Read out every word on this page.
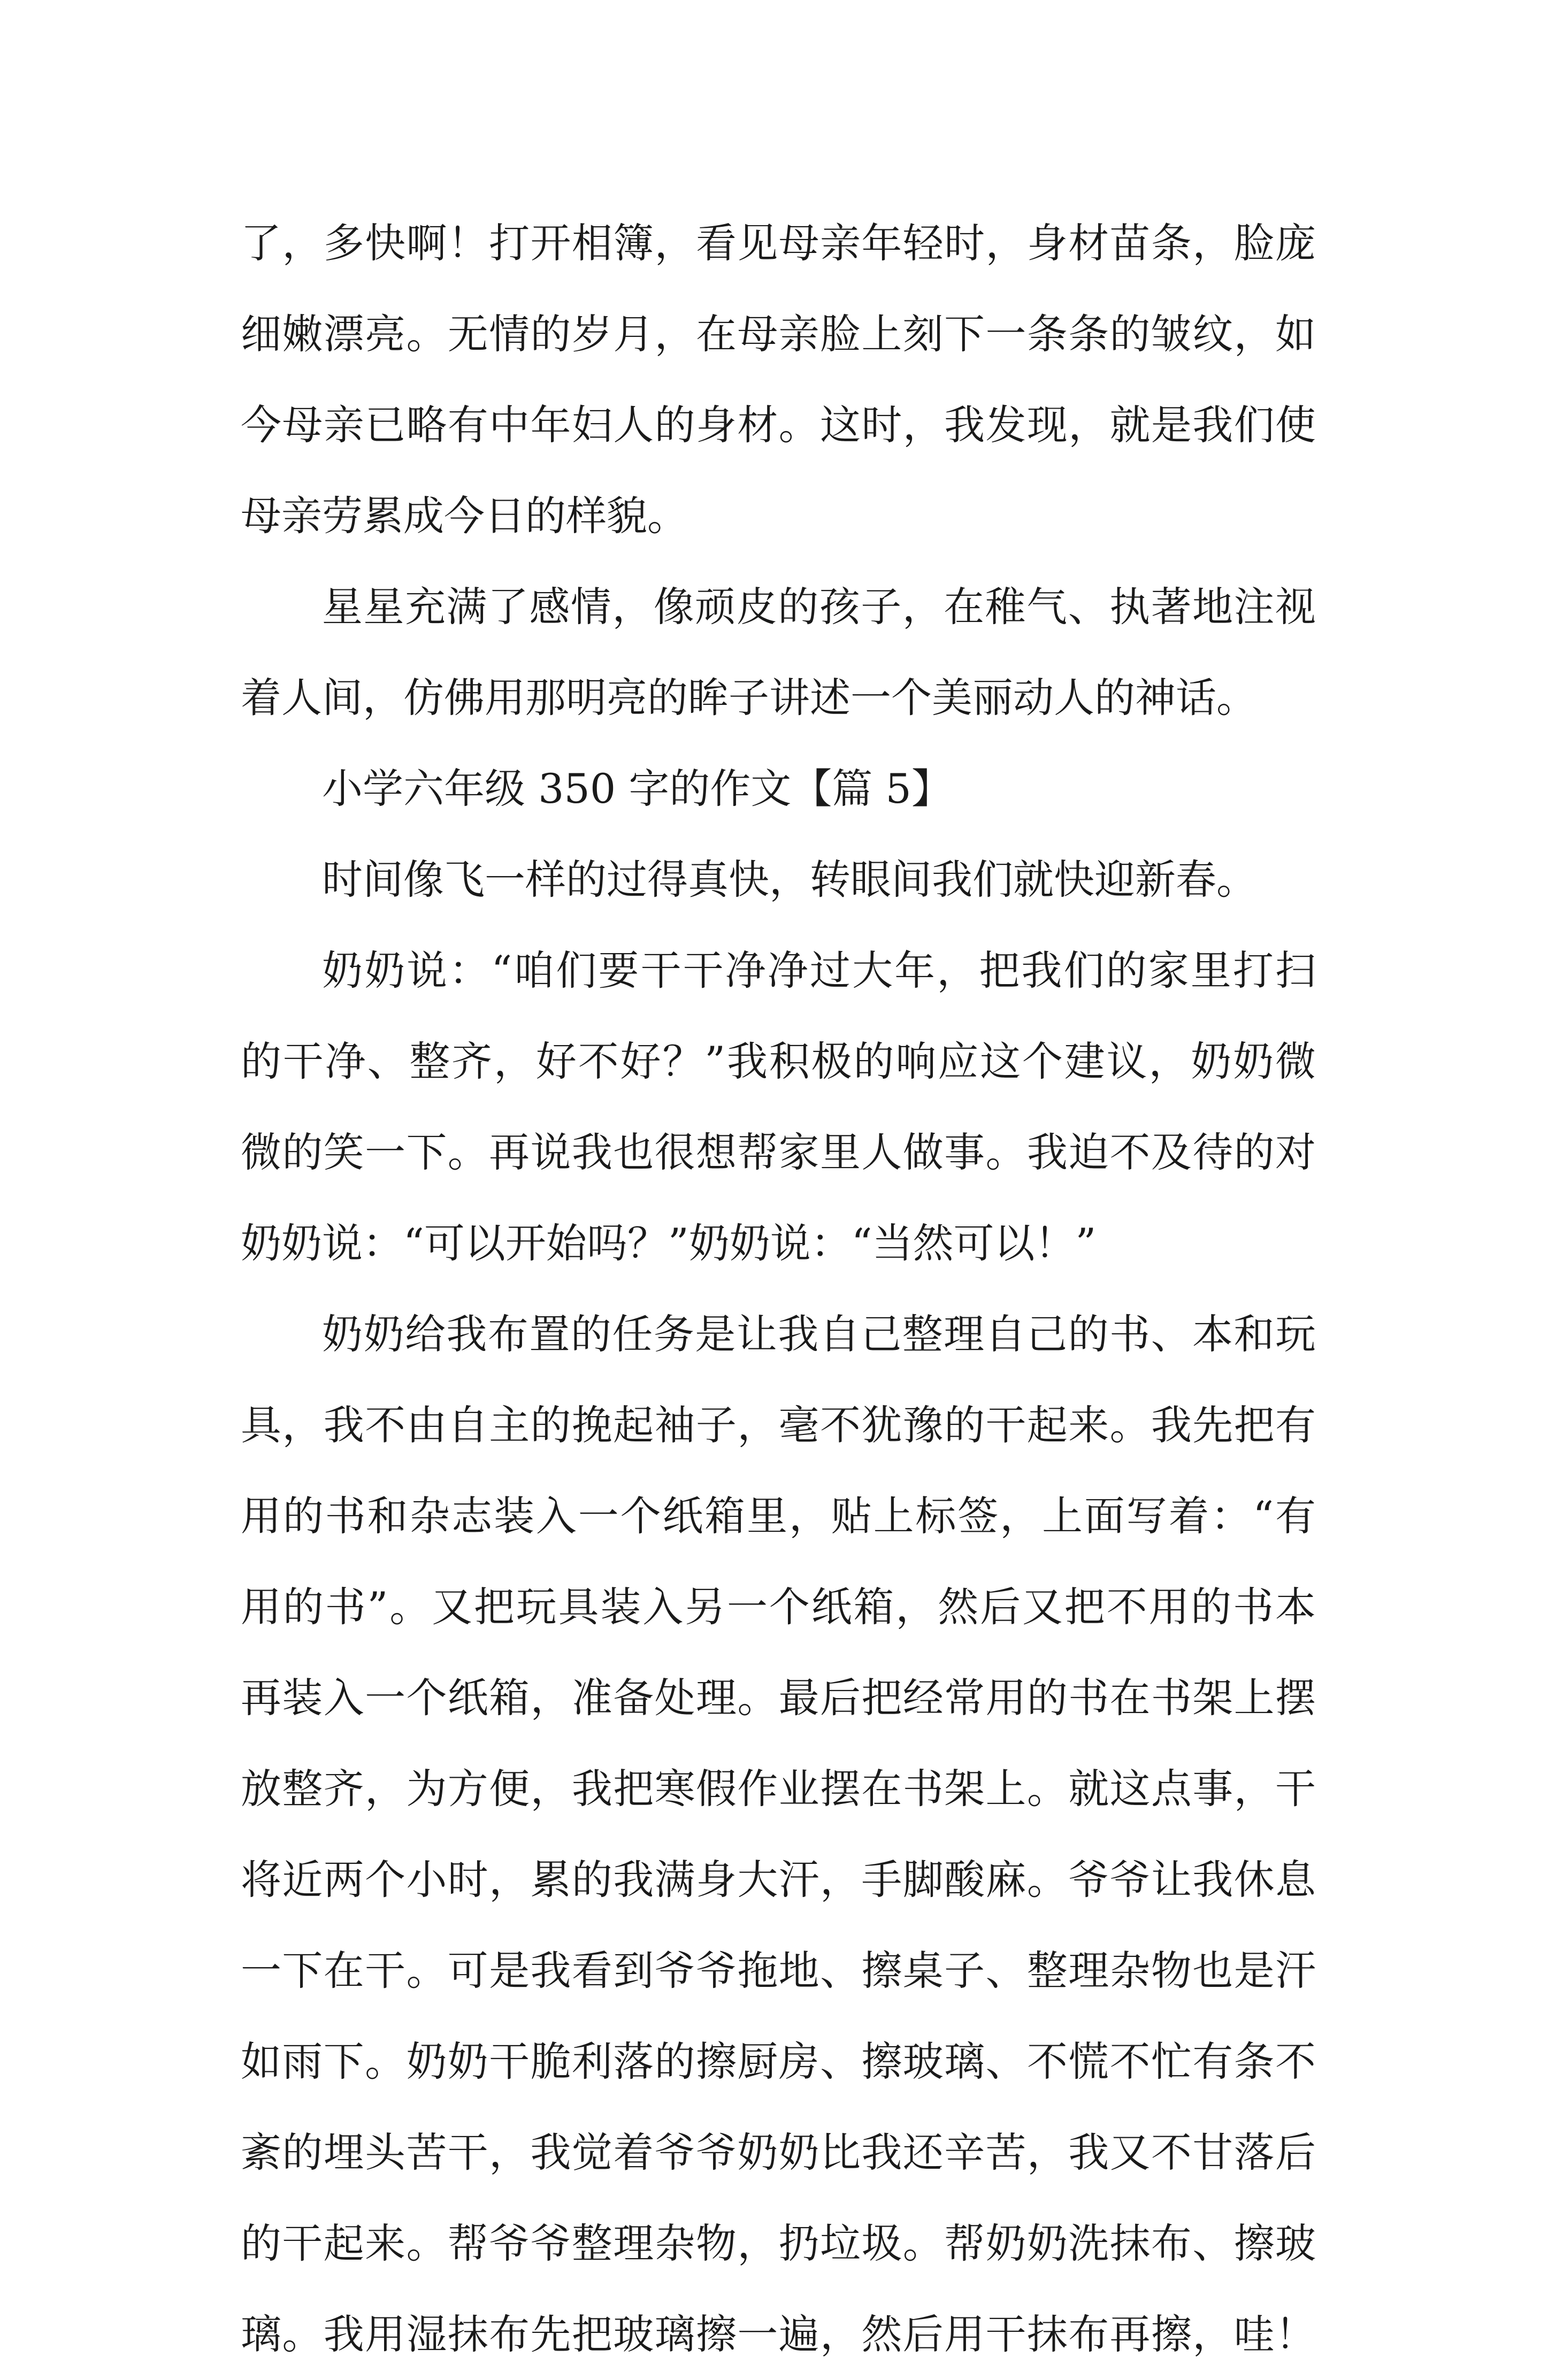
了，多快啊！打开相簿，看见母亲年轻时，身材苗条，脸庞
细嫩漂亮。无情的岁月，在母亲脸上刻下一条条的皱纹，如
今母亲已略有中年妇人的身材。这时，我发现，就是我们使
母亲劳累成今日的样貌。
星星充满了感情，像顽皮的孩子，在稚气、执著地注视
着人间，仿佛用那明亮的眸子讲述一个美丽动人的神话。
小学六年级 350 字的作文【篇 5】
时间像飞一样的过得真快，转眼间我们就快迎新春。
奶奶说：“咱们要干干净净过大年，把我们的家里打扫
的干净、整齐，好不好？”我积极的响应这个建议，奶奶微
微的笑一下。再说我也很想帮家里人做事。我迫不及待的对
奶奶说：“可以开始吗？”奶奶说：“当然可以！”
奶奶给我布置的任务是让我自己整理自己的书、本和玩
具，我不由自主的挽起袖子，毫不犹豫的干起来。我先把有
用的书和杂志装入一个纸箱里，贴上标签，上面写着：“有
用的书”。又把玩具装入另一个纸箱，然后又把不用的书本
再装入一个纸箱，准备处理。最后把经常用的书在书架上摆
放整齐，为方便，我把寒假作业摆在书架上。就这点事，干
将近两个小时，累的我满身大汗，手脚酸麻。爷爷让我休息
一下在干。可是我看到爷爷拖地、擦桌子、整理杂物也是汗
如雨下。奶奶干脆利落的擦厨房、擦玻璃、不慌不忙有条不
紊的埋头苦干，我觉着爷爷奶奶比我还辛苦，我又不甘落后
的干起来。帮爷爷整理杂物，扔垃圾。帮奶奶洗抹布、擦玻
璃。我用湿抹布先把玻璃擦一遍，然后用干抹布再擦，哇！
